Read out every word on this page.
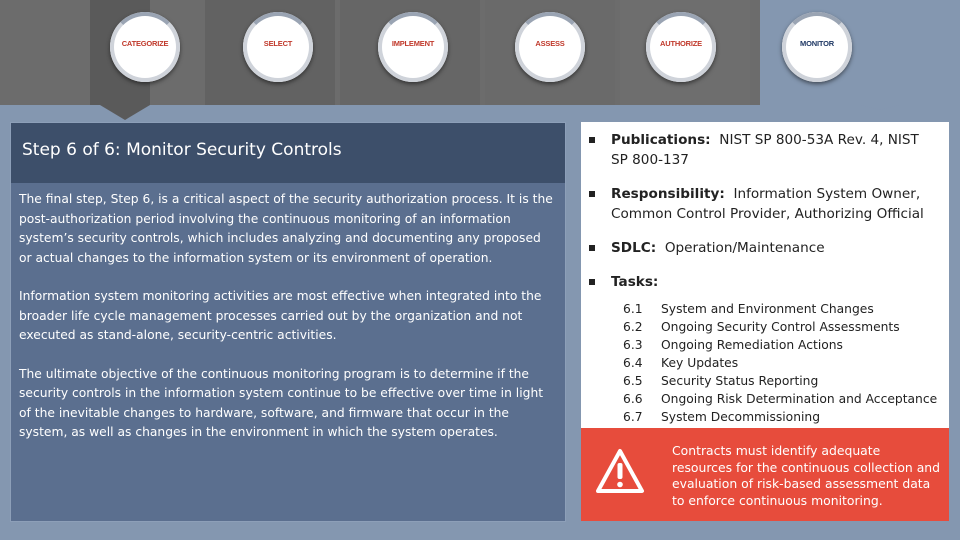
CATEGORIZE	SELECT	IMPLEMENT	ASSESS	AUTHORIZE	MONITOR
Step 6 of 6: Monitor Security Controls

The final step, Step 6, is a critical aspect of the security authorization process. It is the post-authorization period involving the continuous monitoring of an information system’s security controls, which includes analyzing and documenting any proposed or actual changes to the information system or its environment of operation.

Information system monitoring activities are most effective when integrated into the broader life cycle management processes carried out by the organization and not executed as stand-alone, security-centric activities.

The ultimate objective of the continuous monitoring program is to determine if the security controls in the information system continue to be effective over time in light of the inevitable changes to hardware, software, and firmware that occur in the system, as well as changes in the environment in which the system operates.

Publications: NIST SP 800-53A Rev. 4, NIST SP 800-137
Responsibility: Information System Owner, Common Control Provider, Authorizing Official
SDLC: Operation/Maintenance
Tasks:
6.1	System and Environment Changes
6.2	Ongoing Security Control Assessments
6.3	Ongoing Remediation Actions
6.4	Key Updates
6.5	Security Status Reporting
6.6	Ongoing Risk Determination and Acceptance
6.7	System Decommissioning
Contracts must identify adequate resources for the continuous collection and evaluation of risk-based assessment data to enforce continuous monitoring.
